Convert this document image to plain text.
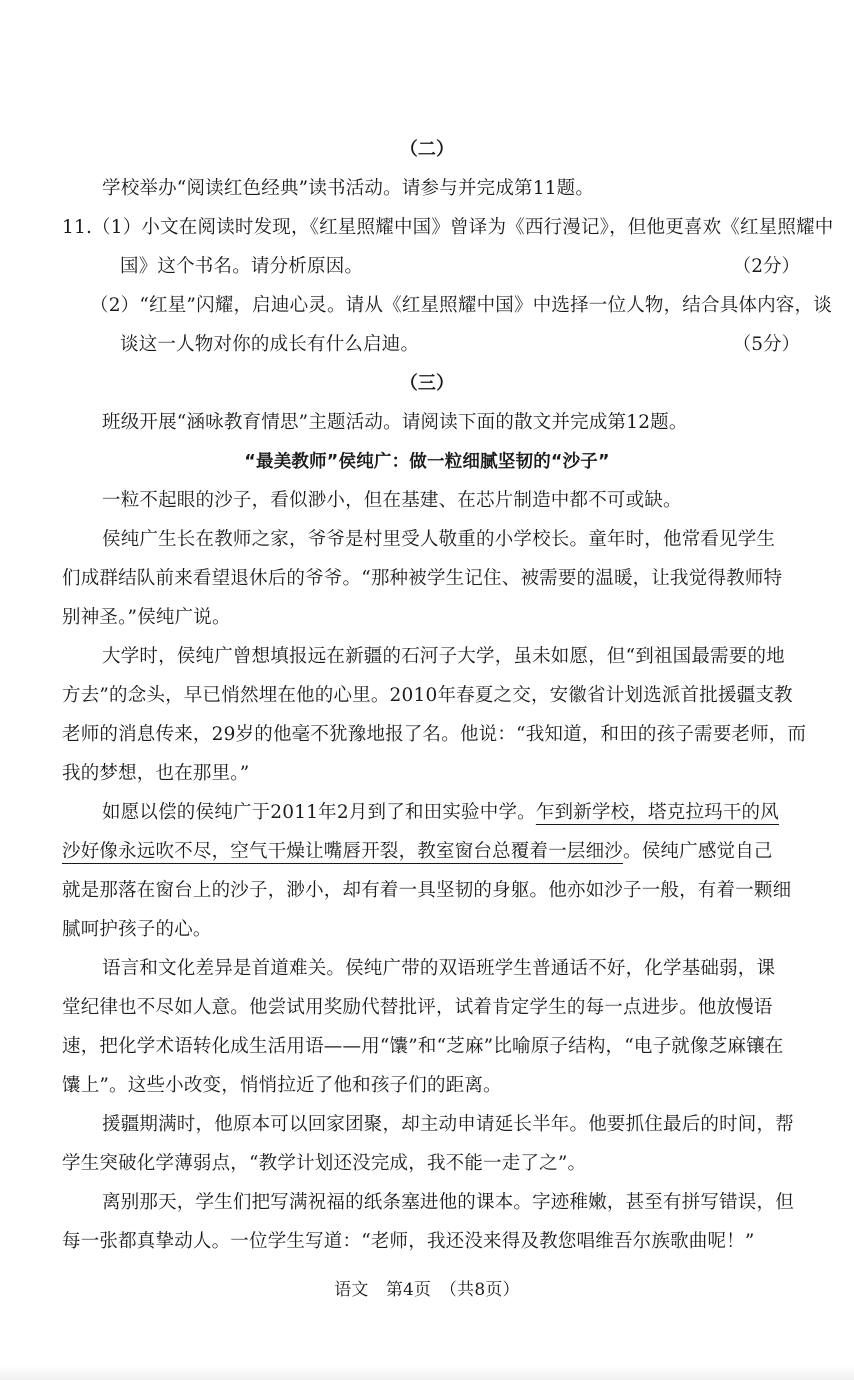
（二）
学校举办“阅读红色经典”读书活动。请参与并完成第11题。
11.（1）小文在阅读时发现，《红星照耀中国》曾译为《西行漫记》，但他更喜欢《红星照耀中
国》这个书名。请分析原因。	（2分）
（2）“红星”闪耀，启迪心灵。请从《红星照耀中国》中选择一位人物，结合具体内容，谈
谈这一人物对你的成长有什么启迪。	（5分）
（三）
班级开展“涵咏教育情思”主题活动。请阅读下面的散文并完成第12题。
“最美教师”侯纯广：做一粒细腻坚韧的“沙子”
一粒不起眼的沙子，看似渺小，但在基建、在芯片制造中都不可或缺。
侯纯广生长在教师之家，爷爷是村里受人敬重的小学校长。童年时，他常看见学生
们成群结队前来看望退休后的爷爷。“那种被学生记住、被需要的温暖，让我觉得教师特
别神圣。”侯纯广说。
大学时，侯纯广曾想填报远在新疆的石河子大学，虽未如愿，但“到祖国最需要的地
方去”的念头，早已悄然埋在他的心里。2010年春夏之交，安徽省计划选派首批援疆支教
老师的消息传来，29岁的他毫不犹豫地报了名。他说：“我知道，和田的孩子需要老师，而
我的梦想，也在那里。”
如愿以偿的侯纯广于2011年2月到了和田实验中学。乍到新学校，塔克拉玛干的风
沙好像永远吹不尽，空气干燥让嘴唇开裂，教室窗台总覆着一层细沙。侯纯广感觉自己
就是那落在窗台上的沙子，渺小，却有着一具坚韧的身躯。他亦如沙子一般，有着一颗细
腻呵护孩子的心。
语言和文化差异是首道难关。侯纯广带的双语班学生普通话不好，化学基础弱，课
堂纪律也不尽如人意。他尝试用奖励代替批评，试着肯定学生的每一点进步。他放慢语
速，把化学术语转化成生活用语——用“馕”和“芝麻”比喻原子结构，“电子就像芝麻镶在
馕上”。这些小改变，悄悄拉近了他和孩子们的距离。
援疆期满时，他原本可以回家团聚，却主动申请延长半年。他要抓住最后的时间，帮
学生突破化学薄弱点，“教学计划还没完成，我不能一走了之”。
离别那天，学生们把写满祝福的纸条塞进他的课本。字迹稚嫩，甚至有拼写错误，但
每一张都真挚动人。一位学生写道：“老师，我还没来得及教您唱维吾尔族歌曲呢！”
语文　第4页　（共8页）
